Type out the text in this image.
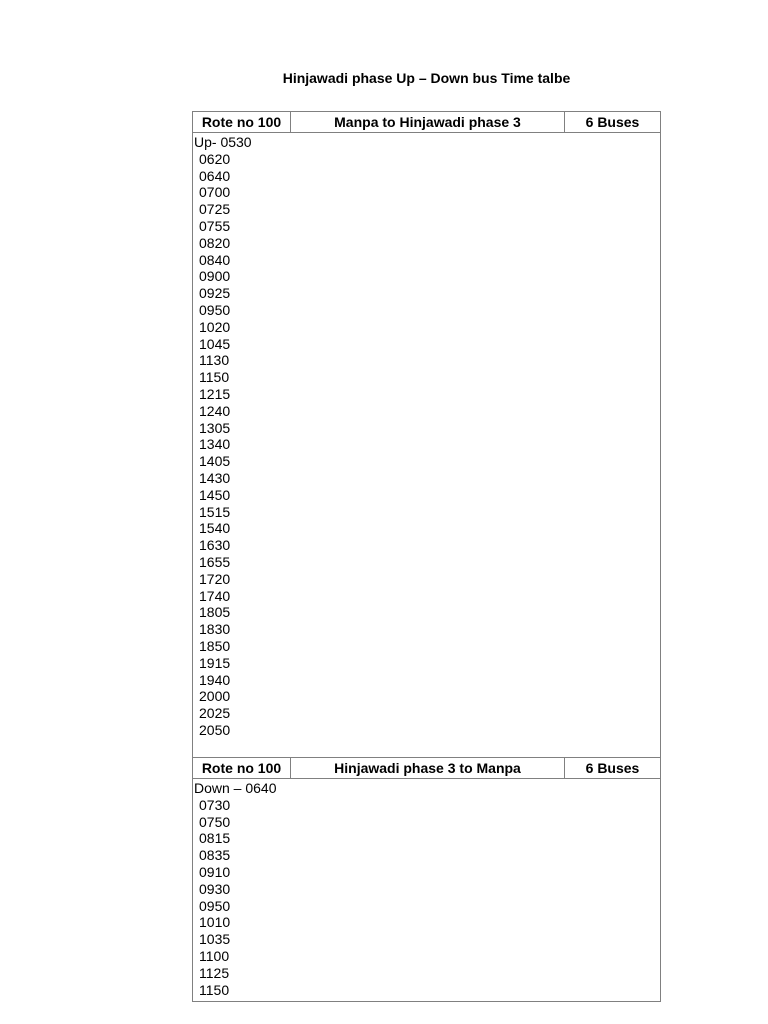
Hinjawadi phase Up – Down bus Time talbe
Rote no 100	Manpa to Hinjawadi phase 3	6 Buses
Up- 0530
0620
0640
0700
0725
0755
0820
0840
0900
0925
0950
1020
1045
1130
1150
1215
1240
1305
1340
1405
1430
1450
1515
1540
1630
1655
1720
1740
1805
1830
1850
1915
1940
2000
2025
2050
Rote no 100	Hinjawadi phase 3 to Manpa	6 Buses
Down – 0640
0730
0750
0815
0835
0910
0930
0950
1010
1035
1100
1125
1150
